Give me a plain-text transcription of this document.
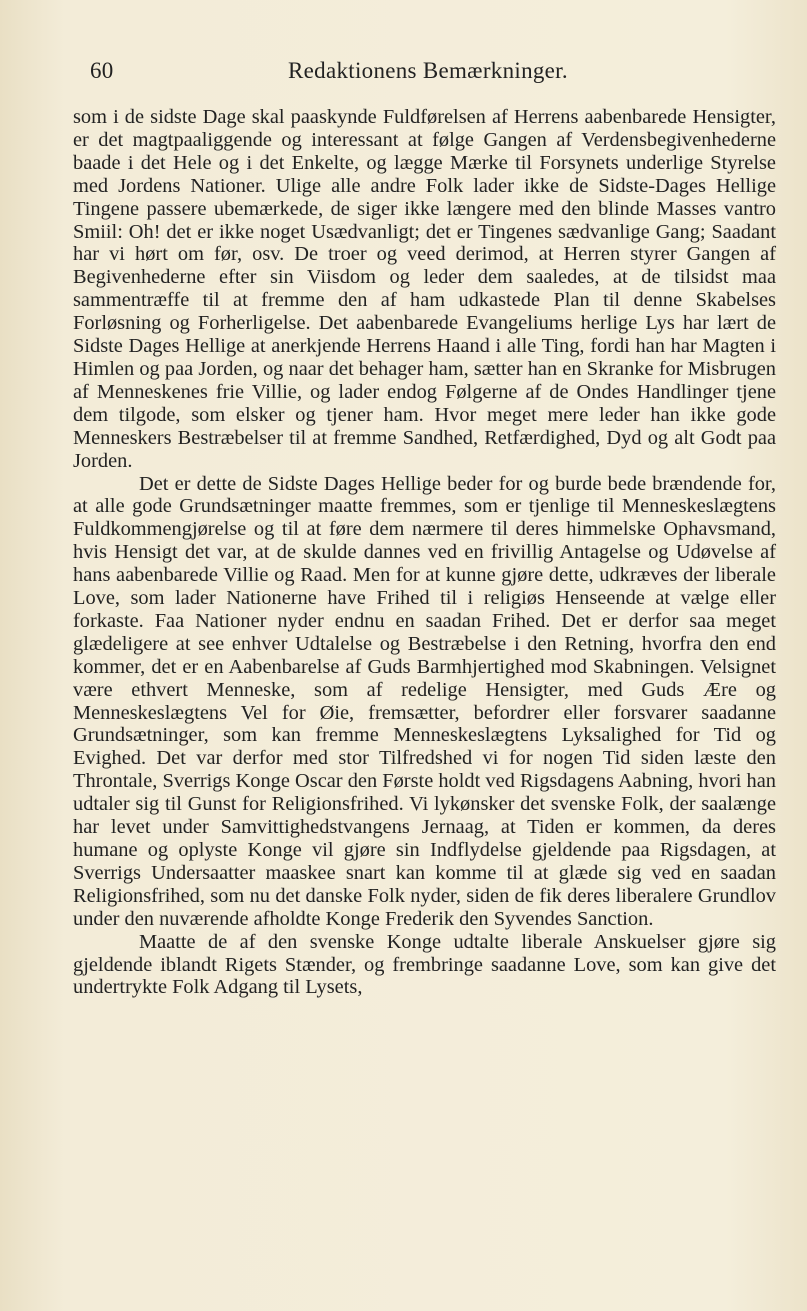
60	Redaktionens Bemærkninger.

som i de sidste Dage skal paaskynde Fuldførelsen af Herrens aabenbarede Hensigter, er det magtpaaliggende og interessant at følge Gangen af Verdensbegivenhederne baade i det Hele og i det Enkelte, og lægge Mærke til Forsynets underlige Styrelse med Jordens Nationer. Ulige alle andre Folk lader ikke de Sidste-Dages Hellige Tingene passere ubemærkede, de siger ikke længere med den blinde Masses vantro Smiil: Oh! det er ikke noget Usædvanligt; det er Tingenes sædvanlige Gang; Saadant har vi hørt om før, osv. De troer og veed derimod, at Herren styrer Gangen af Begivenhederne efter sin Viisdom og leder dem saaledes, at de tilsidst maa sammentræffe til at fremme den af ham udkastede Plan til denne Skabelses Forløsning og Forherligelse. Det aabenbarede Evangeliums herlige Lys har lært de Sidste Dages Hellige at anerkjende Herrens Haand i alle Ting, fordi han har Magten i Himlen og paa Jorden, og naar det behager ham, sætter han en Skranke for Misbrugen af Menneskenes frie Villie, og lader endog Følgerne af de Ondes Handlinger tjene dem tilgode, som elsker og tjener ham. Hvor meget mere leder han ikke gode Menneskers Bestræbelser til at fremme Sandhed, Retfærdighed, Dyd og alt Godt paa Jorden.

Det er dette de Sidste Dages Hellige beder for og burde bede brændende for, at alle gode Grundsætninger maatte fremmes, som er tjenlige til Menneskeslægtens Fuldkommengjørelse og til at føre dem nærmere til deres himmelske Ophavsmand, hvis Hensigt det var, at de skulde dannes ved en frivillig Antagelse og Udøvelse af hans aabenbarede Villie og Raad. Men for at kunne gjøre dette, udkræves der liberale Love, som lader Nationerne have Frihed til i religiøs Henseende at vælge eller forkaste. Faa Nationer nyder endnu en saadan Frihed. Det er derfor saa meget glædeligere at see enhver Udtalelse og Bestræbelse i den Retning, hvorfra den end kommer, det er en Aabenbarelse af Guds Barmhjertighed mod Skabningen. Velsignet være ethvert Menneske, som af redelige Hensigter, med Guds Ære og Menneskeslægtens Vel for Øie, fremsætter, befordrer eller forsvarer saadanne Grundsætninger, som kan fremme Menneskeslægtens Lyksalighed for Tid og Evighed. Det var derfor med stor Tilfredshed vi for nogen Tid siden læste den Throntale, Sverrigs Konge Oscar den Første holdt ved Rigsdagens Aabning, hvori han udtaler sig til Gunst for Religionsfrihed. Vi lykønsker det svenske Folk, der saalænge har levet under Samvittighedstvangens Jernaag, at Tiden er kommen, da deres humane og oplyste Konge vil gjøre sin Indflydelse gjeldende paa Rigsdagen, at Sverrigs Undersaatter maaskee snart kan komme til at glæde sig ved en saadan Religionsfrihed, som nu det danske Folk nyder, siden de fik deres liberalere Grundlov under den nuværende afholdte Konge Frederik den Syvendes Sanction.

Maatte de af den svenske Konge udtalte liberale Anskuelser gjøre sig gjeldende iblandt Rigets Stænder, og frembringe saadanne Love, som kan give det undertrykte Folk Adgang til Lysets,
